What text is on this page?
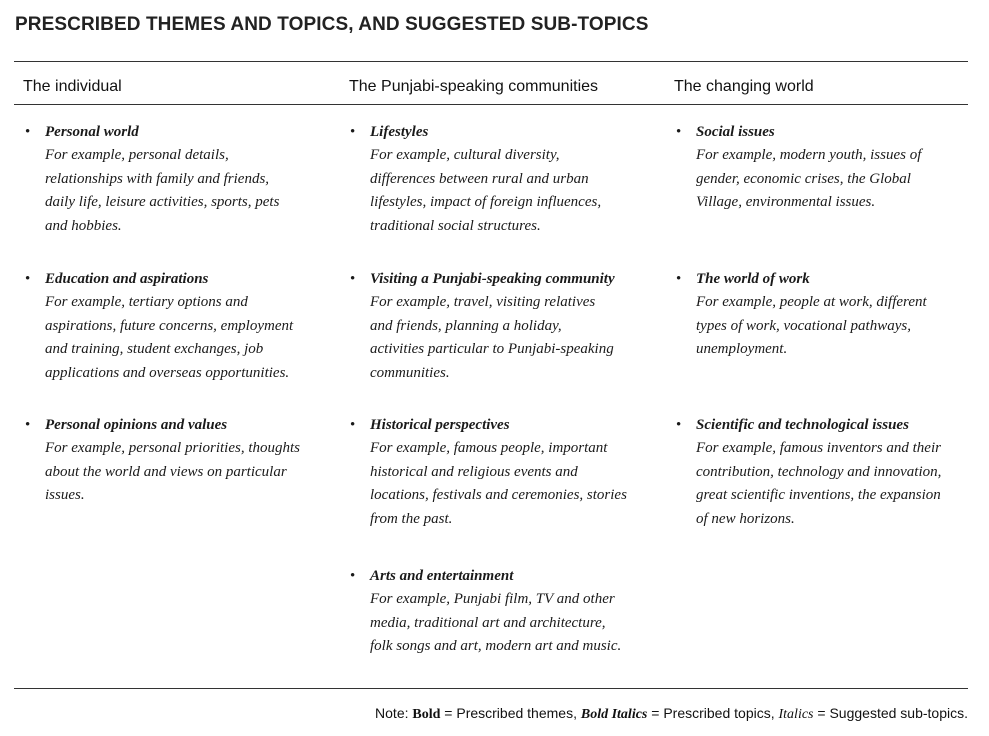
PRESCRIBED THEMES AND TOPICS, AND SUGGESTED SUB-TOPICS
The individual	The Punjabi-speaking communities	The changing world
• Personal world
For example, personal details,
relationships with family and friends,
daily life, leisure activities, sports, pets
and hobbies.
• Education and aspirations
For example, tertiary options and
aspirations, future concerns, employment
and training, student exchanges, job
applications and overseas opportunities.
• Personal opinions and values
For example, personal priorities, thoughts
about the world and views on particular
issues.
• Lifestyles
For example, cultural diversity,
differences between rural and urban
lifestyles, impact of foreign influences,
traditional social structures.
• Visiting a Punjabi-speaking community
For example, travel, visiting relatives
and friends, planning a holiday,
activities particular to Punjabi-speaking
communities.
• Historical perspectives
For example, famous people, important
historical and religious events and
locations, festivals and ceremonies, stories
from the past.
• Arts and entertainment
For example, Punjabi film, TV and other
media, traditional art and architecture,
folk songs and art, modern art and music.
• Social issues
For example, modern youth, issues of
gender, economic crises, the Global
Village, environmental issues.
• The world of work
For example, people at work, different
types of work, vocational pathways,
unemployment.
• Scientific and technological issues
For example, famous inventors and their
contribution, technology and innovation,
great scientific inventions, the expansion
of new horizons.
Note: Bold = Prescribed themes, Bold Italics = Prescribed topics, Italics = Suggested sub-topics.
